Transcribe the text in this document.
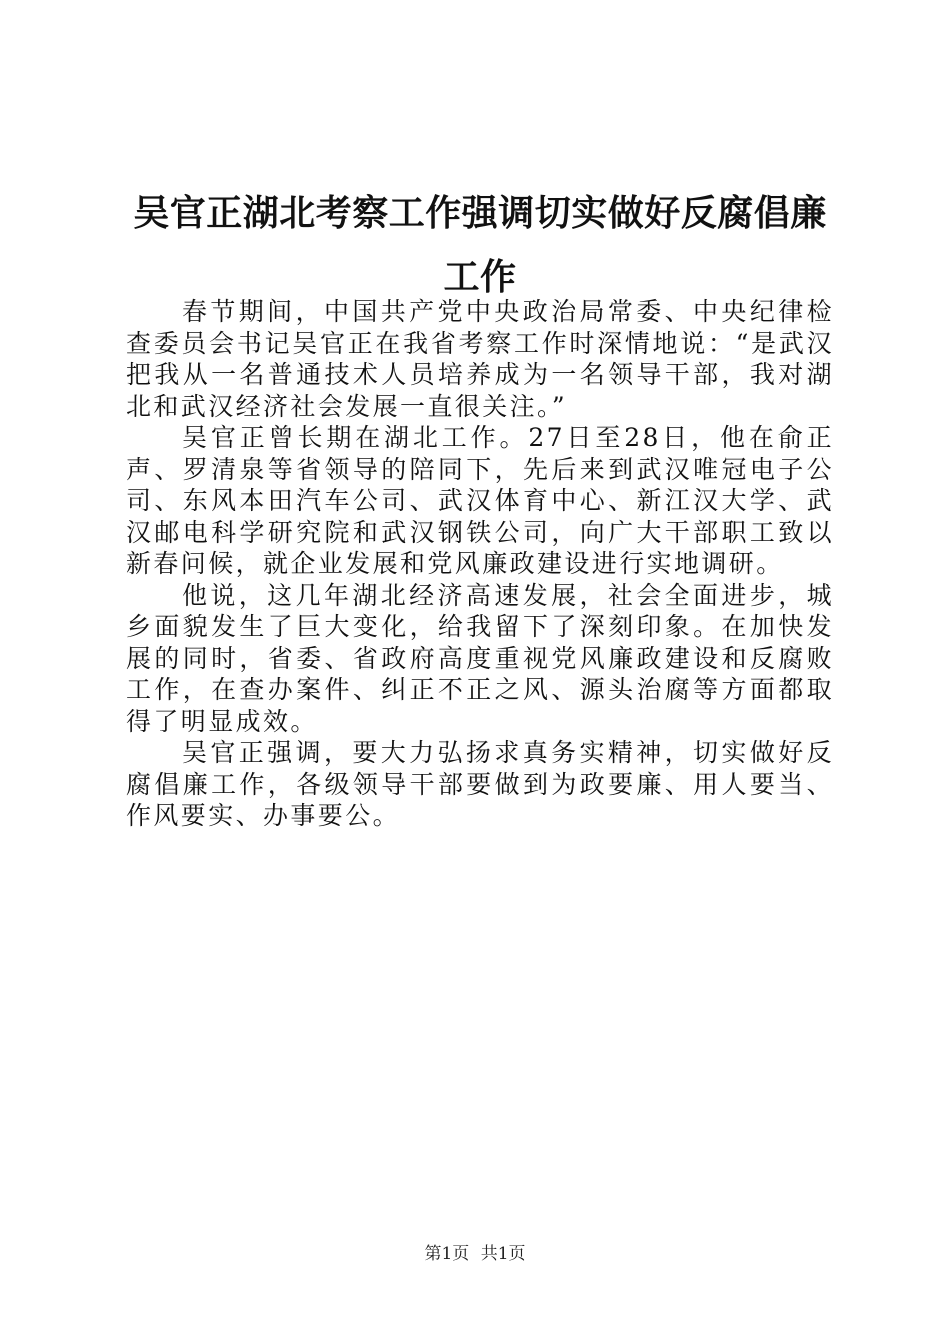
吴官正湖北考察工作强调切实做好反腐倡廉工作

春节期间，中国共产党中央政治局常委、中央纪律检查委员会书记吴官正在我省考察工作时深情地说：“是武汉把我从一名普通技术人员培养成为一名领导干部，我对湖北和武汉经济社会发展一直很关注。”

吴官正曾长期在湖北工作。27日至28日，他在俞正声、罗清泉等省领导的陪同下，先后来到武汉唯冠电子公司、东风本田汽车公司、武汉体育中心、新江汉大学、武汉邮电科学研究院和武汉钢铁公司，向广大干部职工致以新春问候，就企业发展和党风廉政建设进行实地调研。

他说，这几年湖北经济高速发展，社会全面进步，城乡面貌发生了巨大变化，给我留下了深刻印象。在加快发展的同时，省委、省政府高度重视党风廉政建设和反腐败工作，在查办案件、纠正不正之风、源头治腐等方面都取得了明显成效。

吴官正强调，要大力弘扬求真务实精神，切实做好反腐倡廉工作，各级领导干部要做到为政要廉、用人要当、作风要实、办事要公。

第1页 共1页
